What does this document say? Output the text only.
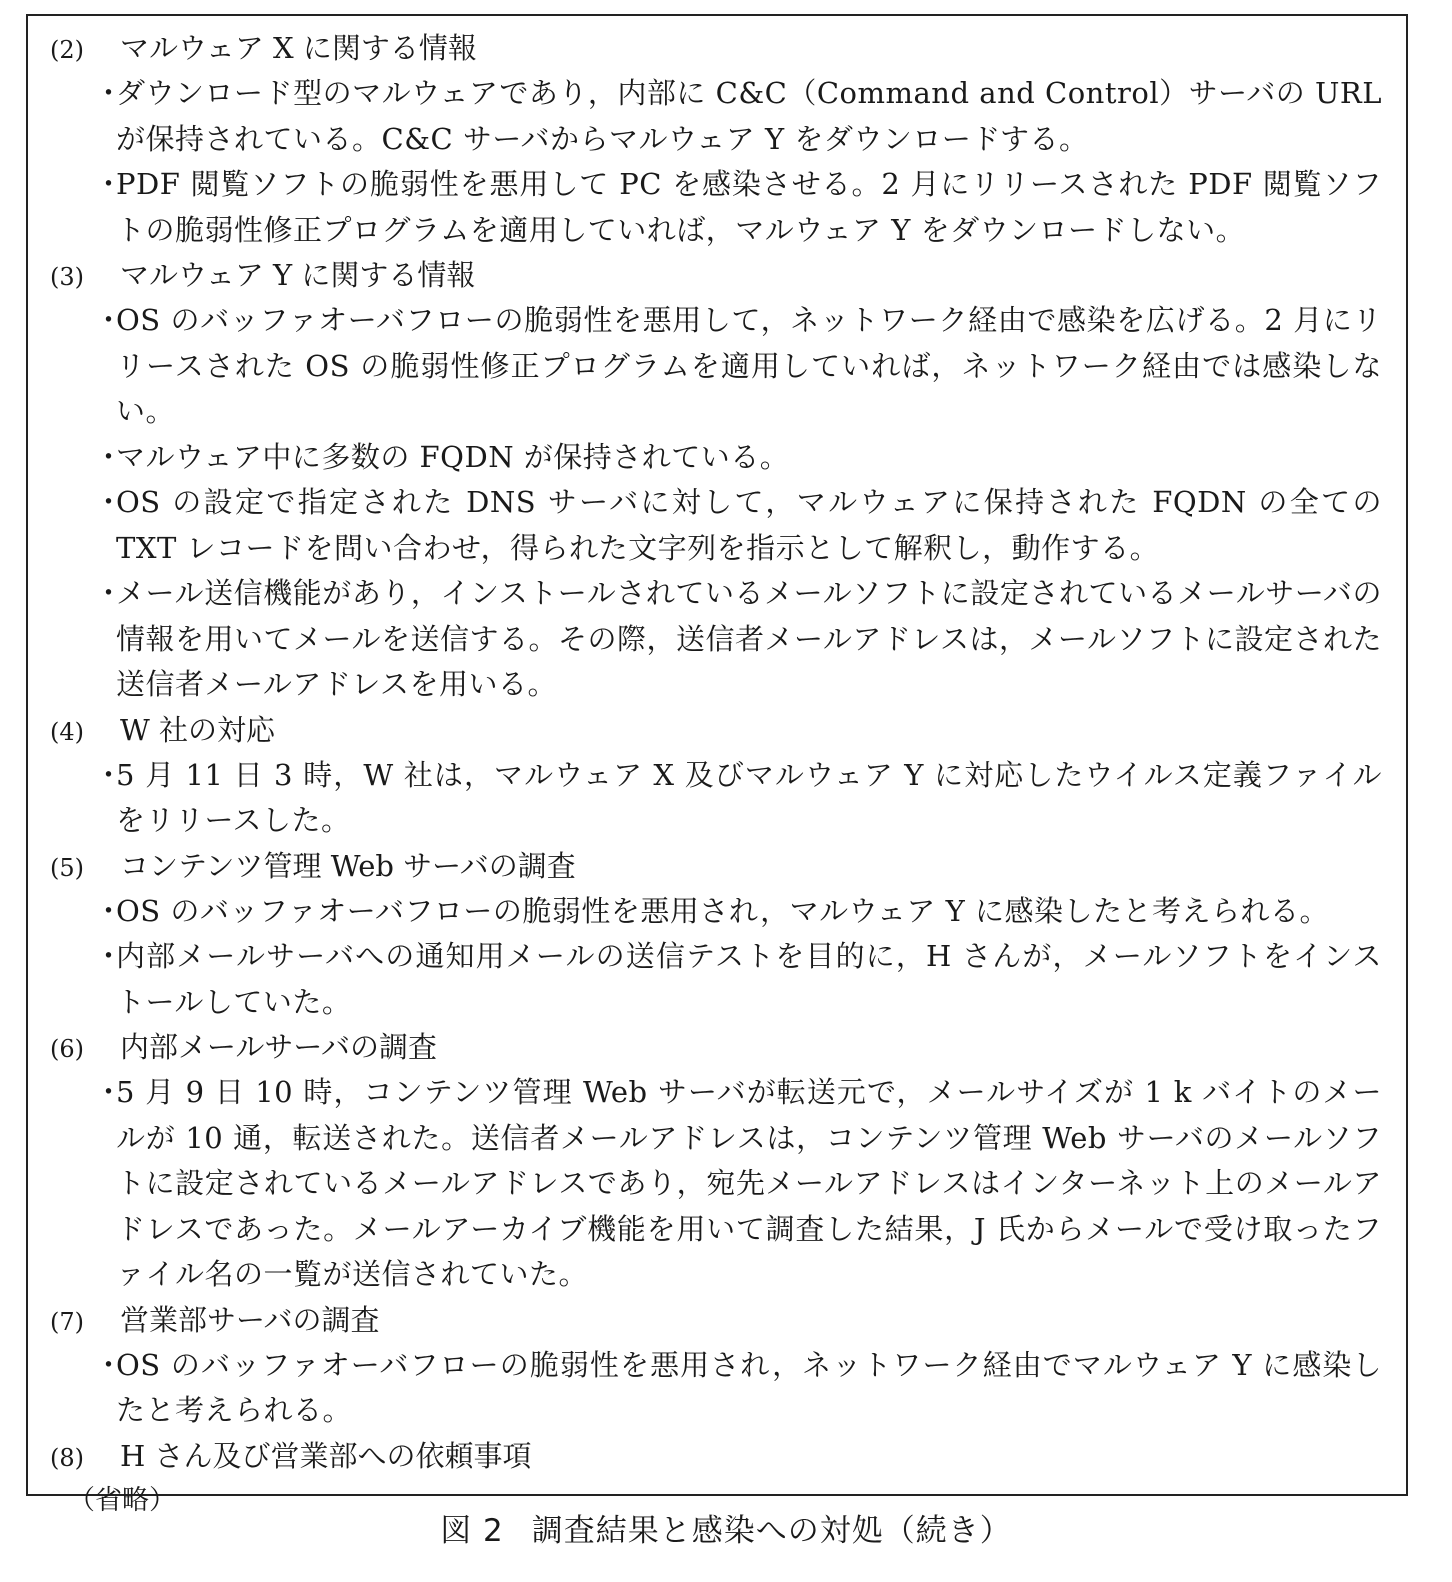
(2)	マルウェア X に関する情報
・
ダウンロード型のマルウェアであり，内部に C&C（Command and Control）サーバの URL が保持されている。C&C サーバからマルウェア Y をダウンロードする。
・
PDF 閲覧ソフトの脆弱性を悪用して PC を感染させる。2 月にリリースされた PDF 閲覧ソフトの脆弱性修正プログラムを適用していれば，マルウェア Y をダウンロードしない。
(3)	マルウェア Y に関する情報
・
OS のバッファオーバフローの脆弱性を悪用して，ネットワーク経由で感染を広げる。2 月にリリースされた OS の脆弱性修正プログラムを適用していれば，ネットワーク経由では感染しない。
・
マルウェア中に多数の FQDN が保持されている。
・
OS の設定で指定された DNS サーバに対して，マルウェアに保持された FQDN の全ての TXT レコードを問い合わせ，得られた文字列を指示として解釈し，動作する。
・
メール送信機能があり，インストールされているメールソフトに設定されているメールサーバの情報を用いてメールを送信する。その際，送信者メールアドレスは，メールソフトに設定された送信者メールアドレスを用いる。
(4)	W 社の対応
・
5 月 11 日 3 時，W 社は，マルウェア X 及びマルウェア Y に対応したウイルス定義ファイルをリリースした。
(5)	コンテンツ管理 Web サーバの調査
・
OS のバッファオーバフローの脆弱性を悪用され，マルウェア Y に感染したと考えられる。
・
内部メールサーバへの通知用メールの送信テストを目的に，H さんが，メールソフトをインストールしていた。
(6)	内部メールサーバの調査
・
5 月 9 日 10 時，コンテンツ管理 Web サーバが転送元で，メールサイズが 1 k バイトのメールが 10 通，転送された。送信者メールアドレスは，コンテンツ管理 Web サーバのメールソフトに設定されているメールアドレスであり，宛先メールアドレスはインターネット上のメールアドレスであった。メールアーカイブ機能を用いて調査した結果，J 氏からメールで受け取ったファイル名の一覧が送信されていた。
(7)	営業部サーバの調査
・
OS のバッファオーバフローの脆弱性を悪用され，ネットワーク経由でマルウェア Y に感染したと考えられる。
(8)	H さん及び営業部への依頼事項
（省略）
図 2 調査結果と感染への対処（続き）
